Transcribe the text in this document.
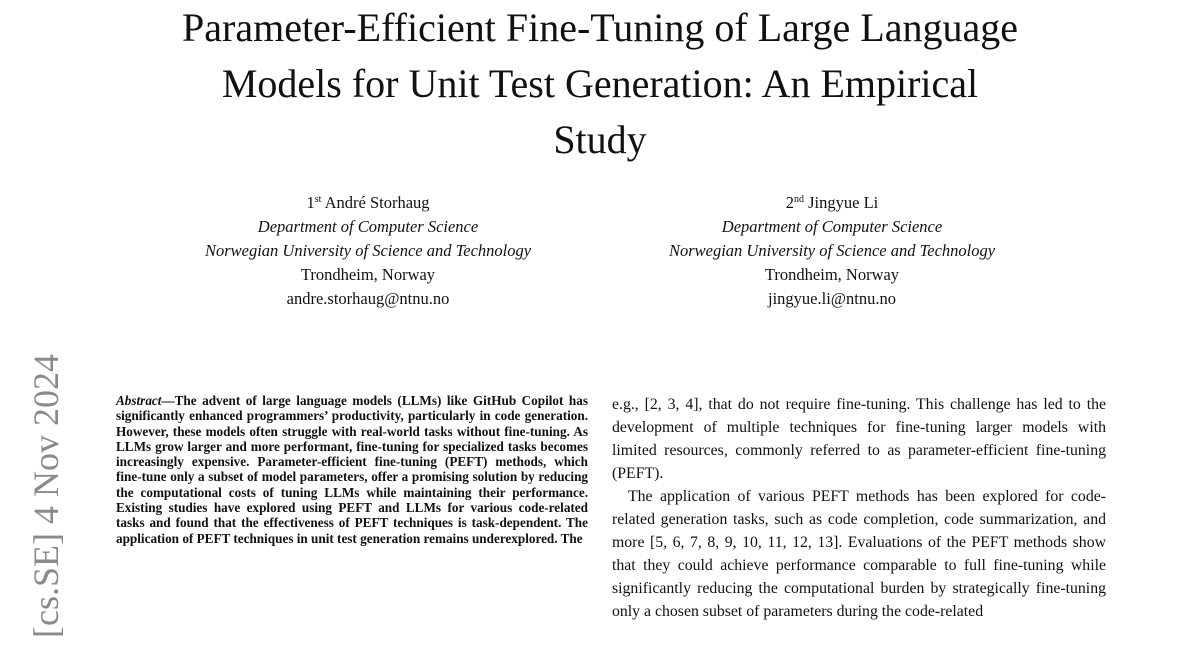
Parameter-Efficient Fine-Tuning of Large Language
Models for Unit Test Generation: An Empirical
Study
1st André Storhaug
Department of Computer Science
Norwegian University of Science and Technology
Trondheim, Norway
andre.storhaug@ntnu.no
2nd Jingyue Li
Department of Computer Science
Norwegian University of Science and Technology
Trondheim, Norway
jingyue.li@ntnu.no
[cs.SE] 4 Nov 2024	Abstract—The advent of large language models (LLMs) like GitHub Copilot has significantly enhanced programmers’ productivity, particularly in code generation. However, these models often struggle with real-world tasks without fine-tuning. As LLMs grow larger and more performant, fine-tuning for specialized tasks becomes increasingly expensive. Parameter-efficient fine-tuning (PEFT) methods, which fine-tune only a subset of model parameters, offer a promising solution by reducing the computational costs of tuning LLMs while maintaining their performance. Existing studies have explored using PEFT and LLMs for various code-related tasks and found that the effectiveness of PEFT techniques is task-dependent. The application of PEFT techniques in unit test generation remains underexplored. The

e.g., [2, 3, 4], that do not require fine-tuning. This challenge has led to the development of multiple techniques for fine-tuning larger models with limited resources, commonly referred to as parameter-efficient fine-tuning (PEFT).

The application of various PEFT methods has been explored for code-related generation tasks, such as code completion, code summarization, and more [5, 6, 7, 8, 9, 10, 11, 12, 13]. Evaluations of the PEFT methods show that they could achieve performance comparable to full fine-tuning while significantly reducing the computational burden by strategically fine-tuning only a chosen subset of parameters during the code-related
